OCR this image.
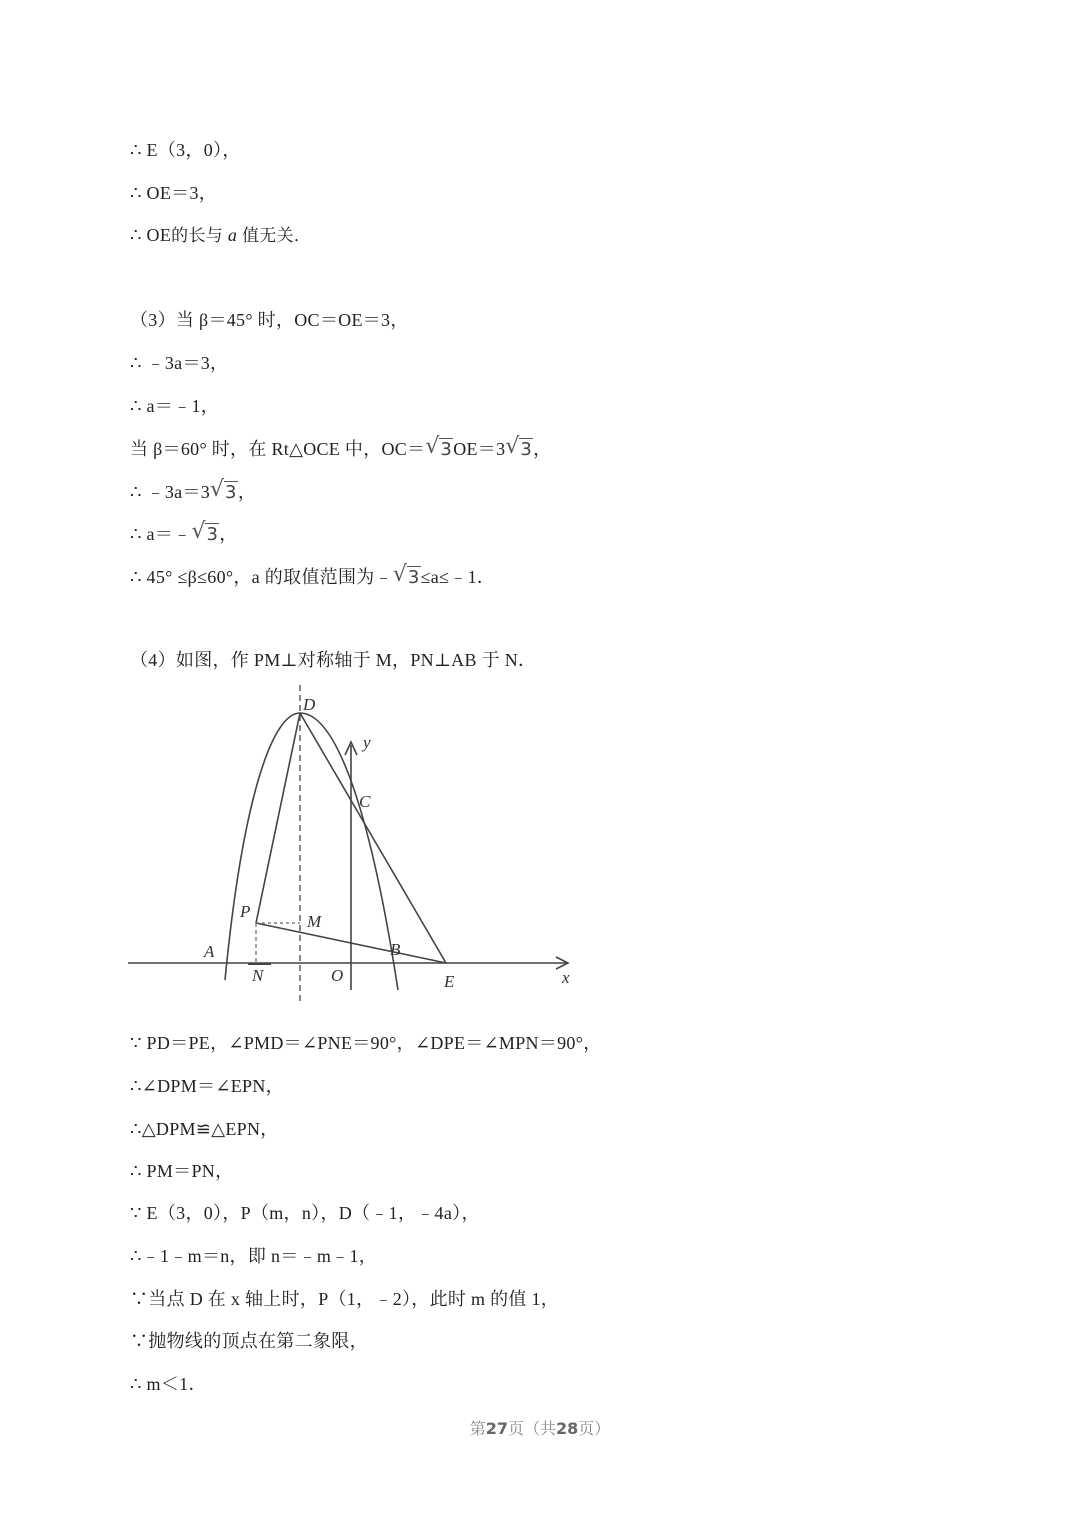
∴ E（3，0），
∴ OE＝3，
∴ OE的长与 a 值无关．
（3）当 β＝45° 时，OC＝OE＝3，
∴ ﹣3a＝3，
∴ a＝﹣1，
当 β＝60° 时，在 Rt△OCE 中，OC＝ √ 3OE＝3 √ 3，
∴ ﹣3a＝3 √ 3，
∴ a＝﹣ √ 3，
∴ 45° ≤β≤60°，a 的取值范围为﹣ √ 3≤a≤﹣1．
（4）如图，作 PM⊥对称轴于 M，PN⊥AB 于 N．
D
y
C
P
M
A	B
N	O	E	x
∵ PD＝PE，∠PMD＝∠PNE＝90°，∠DPE＝∠MPN＝90°，
∴∠DPM＝∠EPN，
∴△DPM≌△EPN，
∴ PM＝PN，
∵ E（3，0），P（m，n），D（﹣1，﹣4a），
∴﹣1﹣m＝n，即 n＝﹣m﹣1，
∵当点 D 在 x 轴上时，P（1，﹣2），此时 m 的值 1，
∵抛物线的顶点在第二象限，
∴ m＜1．
第27页（共28页）
